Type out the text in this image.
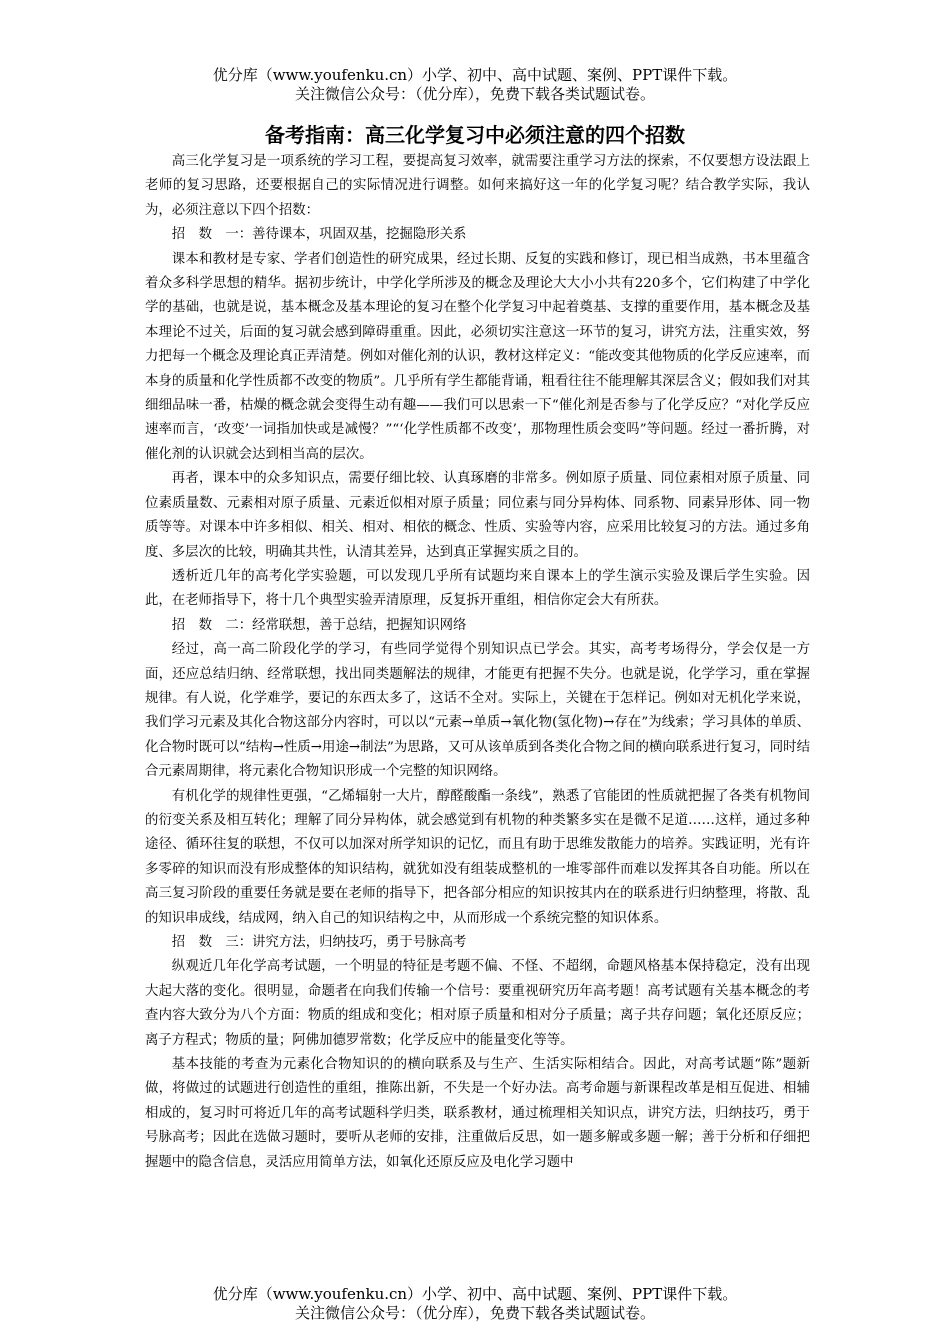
优分库（www.youfenku.cn）小学、初中、高中试题、案例、PPT课件下载。
关注微信公众号：（优分库），免费下载各类试题试卷。
备考指南：高三化学复习中必须注意的四个招数

高三化学复习是一项系统的学习工程，要提高复习效率，就需要注重学习方法的探索，不仅要想方设法跟上老师的复习思路，还要根据自己的实际情况进行调整。如何来搞好这一年的化学复习呢？结合教学实际，我认为，必须注意以下四个招数：

招　数　一：善待课本，巩固双基，挖掘隐形关系

课本和教材是专家、学者们创造性的研究成果，经过长期、反复的实践和修订，现已相当成熟，书本里蕴含着众多科学思想的精华。据初步统计，中学化学所涉及的概念及理论大大小小共有220多个，它们构建了中学化学的基础，也就是说，基本概念及基本理论的复习在整个化学复习中起着奠基、支撑的重要作用，基本概念及基本理论不过关，后面的复习就会感到障碍重重。因此，必须切实注意这一环节的复习，讲究方法，注重实效，努力把每一个概念及理论真正弄清楚。例如对催化剂的认识，教材这样定义：“能改变其他物质的化学反应速率，而本身的质量和化学性质都不改变的物质”。几乎所有学生都能背诵，粗看往往不能理解其深层含义；假如我们对其细细品味一番，枯燥的概念就会变得生动有趣——我们可以思索一下“催化剂是否参与了化学反应？“对化学反应速率而言，‘改变’一词指加快或是减慢？”“‘化学性质都不改变’，那物理性质会变吗”等问题。经过一番折腾，对催化剂的认识就会达到相当高的层次。

再者，课本中的众多知识点，需要仔细比较、认真琢磨的非常多。例如原子质量、同位素相对原子质量、同位素质量数、元素相对原子质量、元素近似相对原子质量；同位素与同分异构体、同系物、同素异形体、同一物质等等。对课本中许多相似、相关、相对、相依的概念、性质、实验等内容，应采用比较复习的方法。通过多角度、多层次的比较，明确其共性，认清其差异，达到真正掌握实质之目的。

透析近几年的高考化学实验题，可以发现几乎所有试题均来自课本上的学生演示实验及课后学生实验。因此，在老师指导下，将十几个典型实验弄清原理，反复拆开重组，相信你定会大有所获。

招　数　二：经常联想，善于总结，把握知识网络

经过，高一高二阶段化学的学习，有些同学觉得个别知识点已学会。其实，高考考场得分，学会仅是一方面，还应总结归纳、经常联想，找出同类题解法的规律，才能更有把握不失分。也就是说，化学学习，重在掌握规律。有人说，化学难学，要记的东西太多了，这话不全对。实际上，关键在于怎样记。例如对无机化学来说，我们学习元素及其化合物这部分内容时，可以以“元素→单质→氧化物(氢化物)→存在”为线索；学习具体的单质、化合物时既可以“结构→性质→用途→制法”为思路，又可从该单质到各类化合物之间的横向联系进行复习，同时结合元素周期律，将元素化合物知识形成一个完整的知识网络。

有机化学的规律性更强，“乙烯辐射一大片，醇醛酸酯一条线”，熟悉了官能团的性质就把握了各类有机物间的衍变关系及相互转化；理解了同分异构体，就会感觉到有机物的种类繁多实在是微不足道……这样，通过多种途径、循环往复的联想，不仅可以加深对所学知识的记忆，而且有助于思维发散能力的培养。实践证明，光有许多零碎的知识而没有形成整体的知识结构，就犹如没有组装成整机的一堆零部件而难以发挥其各自功能。所以在高三复习阶段的重要任务就是要在老师的指导下，把各部分相应的知识按其内在的联系进行归纳整理，将散、乱的知识串成线，结成网，纳入自己的知识结构之中，从而形成一个系统完整的知识体系。

招　数　三：讲究方法，归纳技巧，勇于号脉高考

纵观近几年化学高考试题，一个明显的特征是考题不偏、不怪、不超纲，命题风格基本保持稳定，没有出现大起大落的变化。很明显，命题者在向我们传输一个信号：要重视研究历年高考题！高考试题有关基本概念的考查内容大致分为八个方面：物质的组成和变化；相对原子质量和相对分子质量；离子共存问题；氧化还原反应；离子方程式；物质的量；阿佛加德罗常数；化学反应中的能量变化等等。

基本技能的考查为元素化合物知识的的横向联系及与生产、生活实际相结合。因此，对高考试题“陈”题新做，将做过的试题进行创造性的重组，推陈出新，不失是一个好办法。高考命题与新课程改革是相互促进、相辅相成的，复习时可将近几年的高考试题科学归类，联系教材，通过梳理相关知识点，讲究方法，归纳技巧，勇于号脉高考；因此在选做习题时，要听从老师的安排，注重做后反思，如一题多解或多题一解；善于分析和仔细把握题中的隐含信息，灵活应用简单方法，如氧化还原反应及电化学习题中

优分库（www.youfenku.cn）小学、初中、高中试题、案例、PPT课件下载。
关注微信公众号：（优分库），免费下载各类试题试卷。
